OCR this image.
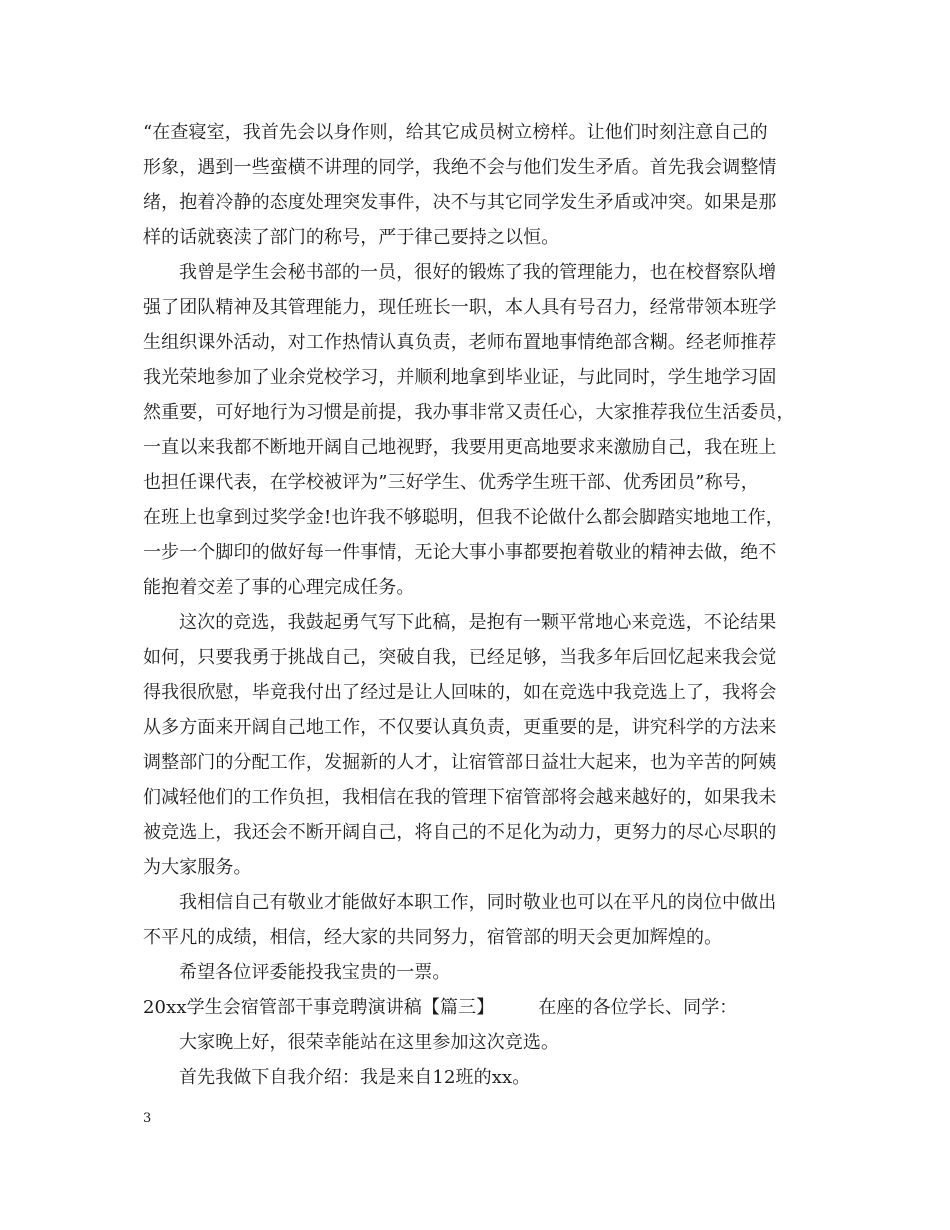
“在查寝室，我首先会以身作则，给其它成员树立榜样。让他们时刻注意自己的
形象，遇到一些蛮横不讲理的同学，我绝不会与他们发生矛盾。首先我会调整情
绪，抱着冷静的态度处理突发事件，决不与其它同学发生矛盾或冲突。如果是那
样的话就亵渎了部门的称号，严于律己要持之以恒。
我曾是学生会秘书部的一员，很好的锻炼了我的管理能力，也在校督察队增
强了团队精神及其管理能力，现任班长一职，本人具有号召力，经常带领本班学
生组织课外活动，对工作热情认真负责，老师布置地事情绝部含糊。经老师推荐
我光荣地参加了业余党校学习，并顺利地拿到毕业证，与此同时，学生地学习固
然重要，可好地行为习惯是前提，我办事非常又责任心，大家推荐我位生活委员，
一直以来我都不断地开阔自己地视野，我要用更高地要求来激励自己，我在班上
也担任课代表，在学校被评为”三好学生、优秀学生班干部、优秀团员”称号，
在班上也拿到过奖学金!也许我不够聪明，但我不论做什么都会脚踏实地地工作，
一步一个脚印的做好每一件事情，无论大事小事都要抱着敬业的精神去做，绝不
能抱着交差了事的心理完成任务。
这次的竞选，我鼓起勇气写下此稿，是抱有一颗平常地心来竞选，不论结果
如何，只要我勇于挑战自己，突破自我，已经足够，当我多年后回忆起来我会觉
得我很欣慰，毕竟我付出了经过是让人回味的，如在竞选中我竞选上了，我将会
从多方面来开阔自己地工作，不仅要认真负责，更重要的是，讲究科学的方法来
调整部门的分配工作，发掘新的人才，让宿管部日益壮大起来，也为辛苦的阿姨
们减轻他们的工作负担，我相信在我的管理下宿管部将会越来越好的，如果我未
被竞选上，我还会不断开阔自己，将自己的不足化为动力，更努力的尽心尽职的
为大家服务。
我相信自己有敬业才能做好本职工作，同时敬业也可以在平凡的岗位中做出
不平凡的成绩，相信，经大家的共同努力，宿管部的明天会更加辉煌的。
希望各位评委能投我宝贵的一票。
20xx学生会宿管部干事竞聘演讲稿【篇三】 在座的各位学长、同学：
大家晚上好，很荣幸能站在这里参加这次竞选。
首先我做下自我介绍：我是来自12班的xx。
3
